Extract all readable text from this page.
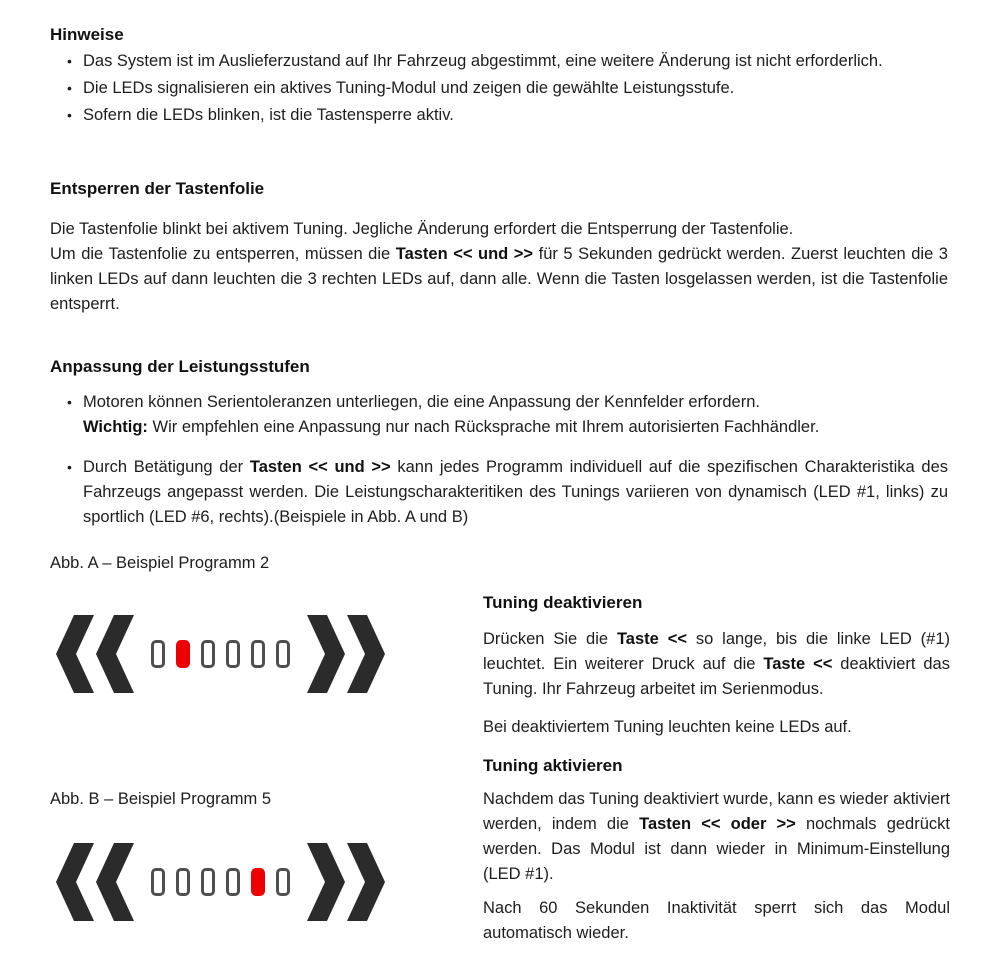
Hinweise
• Das System ist im Auslieferzustand auf Ihr Fahrzeug abgestimmt, eine weitere Änderung ist nicht erforderlich.
• Die LEDs signalisieren ein aktives Tuning-Modul und zeigen die gewählte Leistungsstufe.
• Sofern die LEDs blinken, ist die Tastensperre aktiv.
Entsperren der Tastenfolie

Die Tastenfolie blinkt bei aktivem Tuning. Jegliche Änderung erfordert die Entsperrung der Tastenfolie.

Um die Tastenfolie zu entsperren, müssen die Tasten << und >> für 5 Sekunden gedrückt werden. Zuerst leuchten die 3 linken LEDs auf dann leuchten die 3 rechten LEDs auf, dann alle. Wenn die Tasten losgelassen werden, ist die Tastenfolie entsperrt.

Anpassung der Leistungsstufen
• Motoren können Serientoleranzen unterliegen, die eine Anpassung der Kennfelder erfordern.

Wichtig: Wir empfehlen eine Anpassung nur nach Rücksprache mit Ihrem autorisierten Fachhändler.

• Durch Betätigung der Tasten << und >> kann jedes Programm individuell auf die spezifischen Charakteristika des Fahrzeugs angepasst werden. Die Leistungscharakteritiken des Tunings variieren von dynamisch (LED #1, links) zu sportlich (LED #6, rechts).(Beispiele in Abb. A und B)
Abb. A – Beispiel Programm 2
Abb. B – Beispiel Programm 5
Tuning deaktivieren

Drücken Sie die Taste << so lange, bis die linke LED (#1) leuchtet. Ein weiterer Druck auf die Taste << deaktiviert das Tuning. Ihr Fahrzeug arbeitet im Serienmodus.

Bei deaktiviertem Tuning leuchten keine LEDs auf.

Tuning aktivieren

Nachdem das Tuning deaktiviert wurde, kann es wieder aktiviert werden, indem die Tasten << oder >> nochmals gedrückt werden. Das Modul ist dann wieder in Minimum-Einstellung (LED #1).

Nach 60 Sekunden Inaktivität sperrt sich das Modul automatisch wieder.
